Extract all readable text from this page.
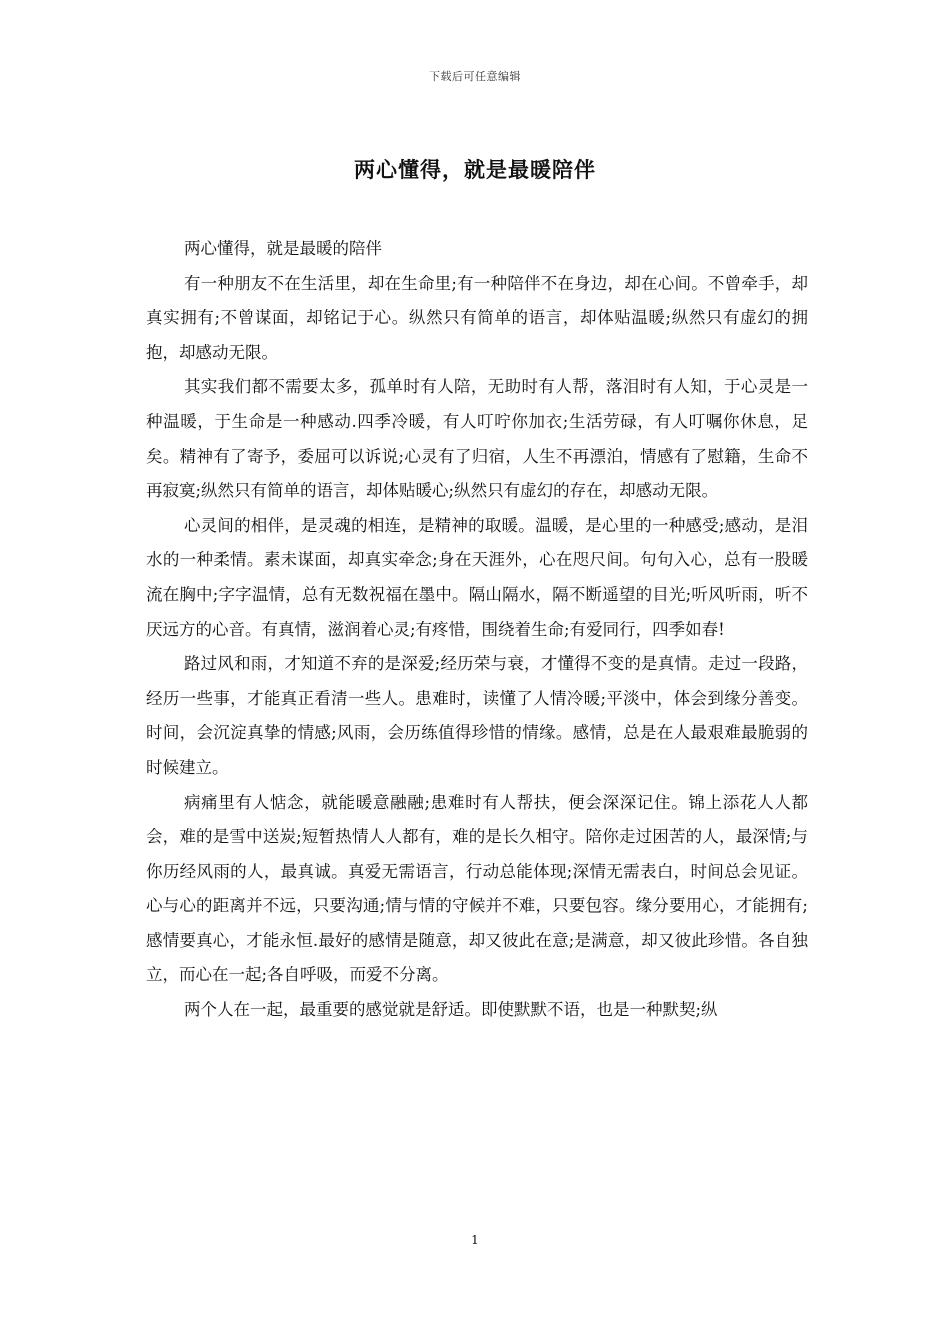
下载后可任意编辑
两心懂得，就是最暖陪伴

两心懂得，就是最暖的陪伴

有一种朋友不在生活里，却在生命里;有一种陪伴不在身边，却在心间。不曾牵手，却真实拥有;不曾谋面，却铭记于心。纵然只有简单的语言，却体贴温暖;纵然只有虚幻的拥抱，却感动无限。

其实我们都不需要太多，孤单时有人陪，无助时有人帮，落泪时有人知，于心灵是一种温暖，于生命是一种感动.四季冷暖，有人叮咛你加衣;生活劳碌，有人叮嘱你休息，足矣。精神有了寄予，委屈可以诉说;心灵有了归宿，人生不再漂泊，情感有了慰籍，生命不再寂寞;纵然只有简单的语言，却体贴暖心;纵然只有虚幻的存在，却感动无限。

心灵间的相伴，是灵魂的相连，是精神的取暖。温暖，是心里的一种感受;感动，是泪水的一种柔情。素未谋面，却真实牵念;身在天涯外，心在咫尺间。句句入心，总有一股暖流在胸中;字字温情，总有无数祝福在墨中。隔山隔水，隔不断遥望的目光;听风听雨，听不厌远方的心音。有真情，滋润着心灵;有疼惜，围绕着生命;有爱同行，四季如春!

路过风和雨，才知道不弃的是深爱;经历荣与衰，才懂得不变的是真情。走过一段路，经历一些事，才能真正看清一些人。患难时，读懂了人情冷暖;平淡中，体会到缘分善变。时间，会沉淀真挚的情感;风雨，会历练值得珍惜的情缘。感情，总是在人最艰难最脆弱的时候建立。

病痛里有人惦念，就能暖意融融;患难时有人帮扶，便会深深记住。锦上添花人人都会，难的是雪中送炭;短暂热情人人都有，难的是长久相守。陪你走过困苦的人，最深情;与你历经风雨的人，最真诚。真爱无需语言，行动总能体现;深情无需表白，时间总会见证。心与心的距离并不远，只要沟通;情与情的守候并不难，只要包容。缘分要用心，才能拥有;感情要真心，才能永恒.最好的感情是随意，却又彼此在意;是满意，却又彼此珍惜。各自独立，而心在一起;各自呼吸，而爱不分离。

两个人在一起，最重要的感觉就是舒适。即使默默不语，也是一种默契;纵

1
